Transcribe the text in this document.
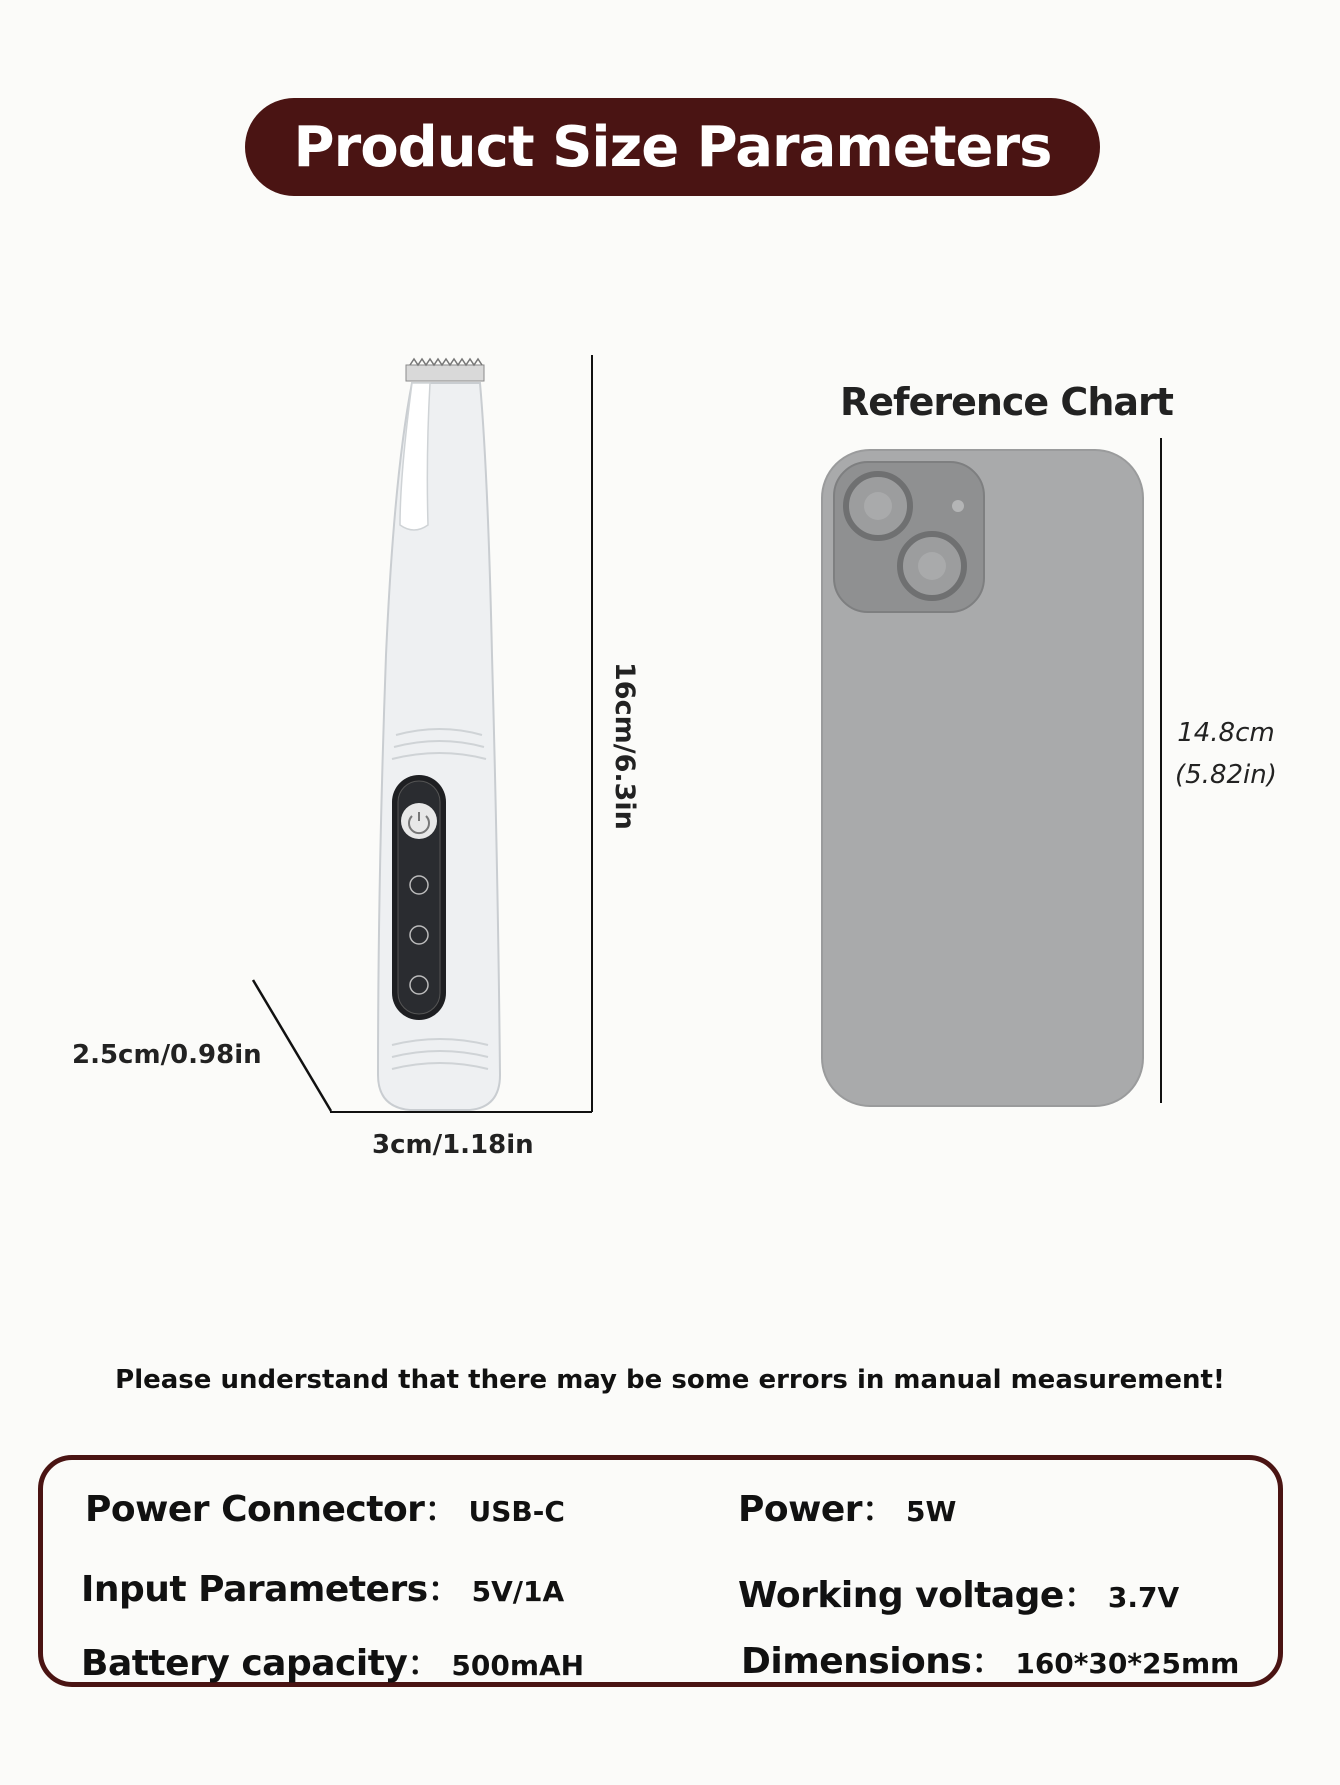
Product Size Parameters
16cm/6.3in
3cm/1.18in
2.5cm/0.98in
Reference Chart
14.8cm
(5.82in)
Please understand that there may be some errors in manual measurement!
Power Connector ： USB-C	Power ： 5W
Input Parameters ： 5V/1A	Working voltage ： 3.7V
Battery capacity ： 500mAH	Dimensions ： 160*30*25mm
